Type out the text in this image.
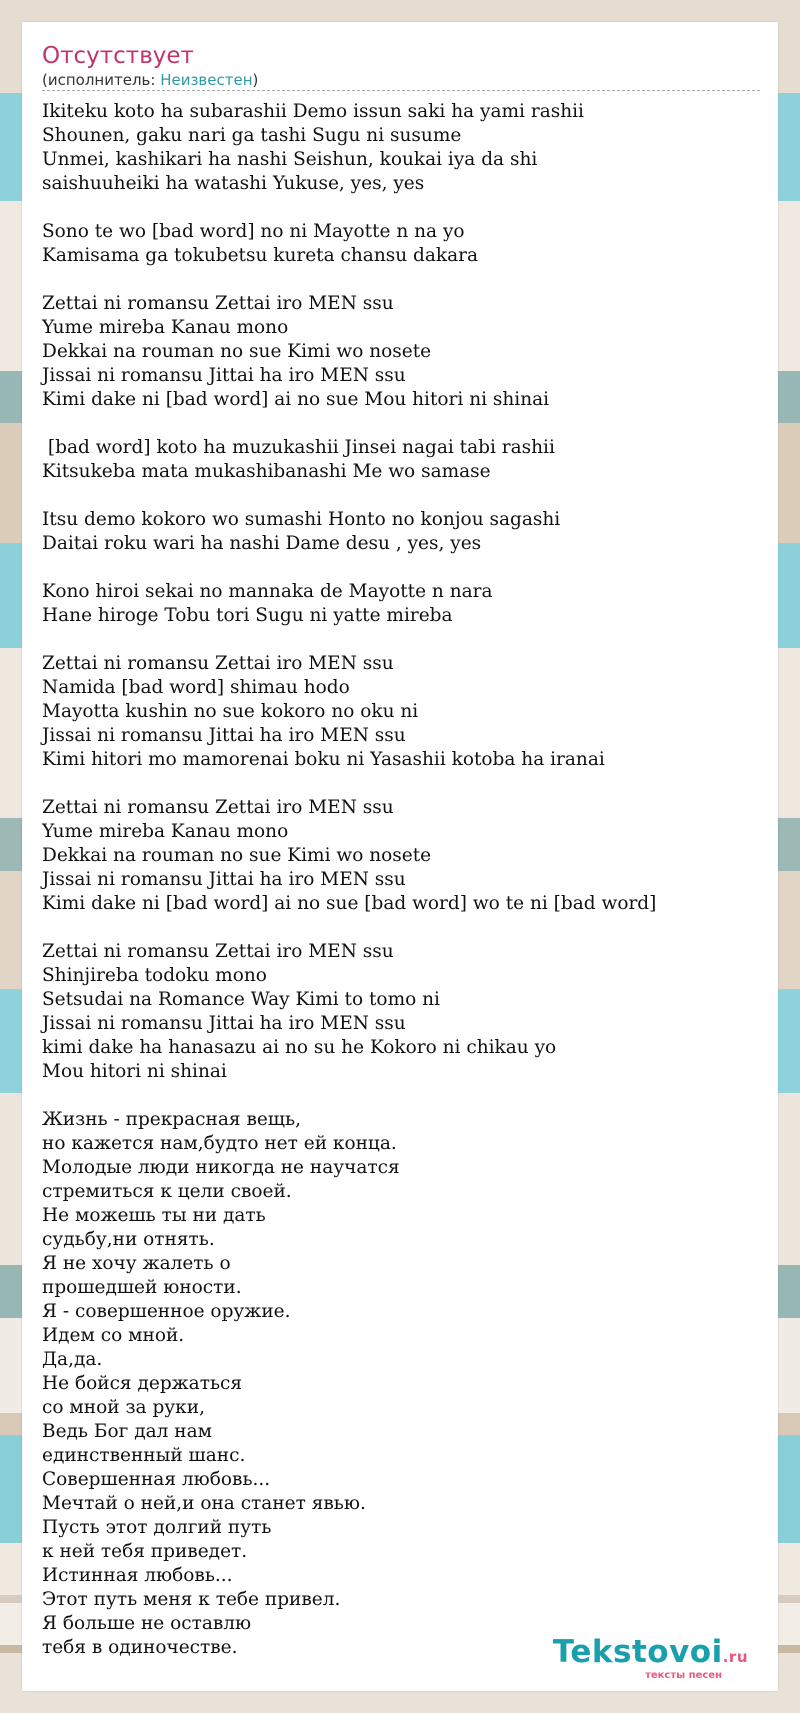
Отсутствует
(исполнитель: Неизвестен)
Ikiteku koto ha subarashii Demo issun saki ha yami rashii
Shounen, gaku nari ga tashi Sugu ni susume
Unmei, kashikari ha nashi Seishun, koukai iya da shi
saishuuheiki ha watashi Yukuse, yes, yes
Sono te wo [bad word] no ni Mayotte n na yo
Kamisama ga tokubetsu kureta chansu dakara
Zettai ni romansu Zettai iro MEN ssu
Yume mireba Kanau mono
Dekkai na rouman no sue Kimi wo nosete
Jissai ni romansu Jittai ha iro MEN ssu
Kimi dake ni [bad word] ai no sue Mou hitori ni shinai
[bad word] koto ha muzukashii Jinsei nagai tabi rashii
Kitsukeba mata mukashibanashi Me wo samase
Itsu demo kokoro wo sumashi Honto no konjou sagashi
Daitai roku wari ha nashi Dame desu , yes, yes
Kono hiroi sekai no mannaka de Mayotte n nara
Hane hiroge Tobu tori Sugu ni yatte mireba
Zettai ni romansu Zettai iro MEN ssu
Namida [bad word] shimau hodo
Mayotta kushin no sue kokoro no oku ni
Jissai ni romansu Jittai ha iro MEN ssu
Kimi hitori mo mamorenai boku ni Yasashii kotoba ha iranai
Zettai ni romansu Zettai iro MEN ssu
Yume mireba Kanau mono
Dekkai na rouman no sue Kimi wo nosete
Jissai ni romansu Jittai ha iro MEN ssu
Kimi dake ni [bad word] ai no sue [bad word] wo te ni [bad word]
Zettai ni romansu Zettai iro MEN ssu
Shinjireba todoku mono
Setsudai na Romance Way Kimi to tomo ni
Jissai ni romansu Jittai ha iro MEN ssu
kimi dake ha hanasazu ai no su he Kokoro ni chikau yo
Mou hitori ni shinai
Жизнь - прекрасная вещь,
но кажется нам,будто нет ей конца.
Молодые люди никогда не научатся
стремиться к цели своей.
Не можешь ты ни дать
судьбу,ни отнять.
Я не хочу жалеть о
прошедшей юности.
Я - совершенное оружие.
Идем со мной.
Да,да.
Не бойся держаться
со мной за руки,
Ведь Бог дал нам
единственный шанс.
Совершенная любовь...
Мечтай о ней,и она станет явью.
Пусть этот долгий путь
к ней тебя приведет.
Истинная любовь...
Этот путь меня к тебе привел.
Я больше не оставлю
тебя в одиночестве.	Tekstovoi.ru
тексты песен
